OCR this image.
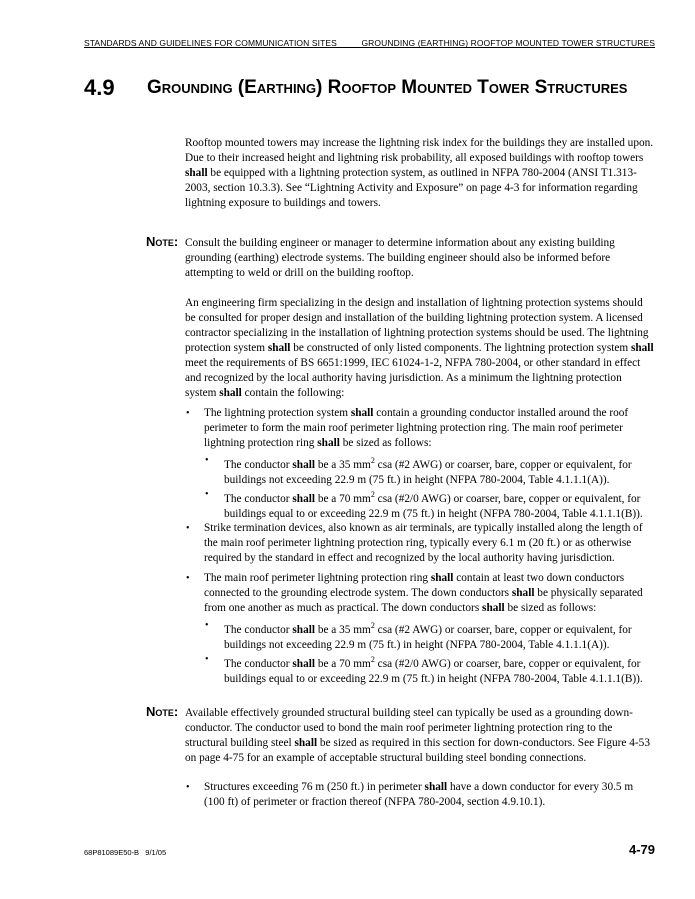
STANDARDS AND GUIDELINES FOR COMMUNICATION SITES	GROUNDING (EARTHING) ROOFTOP MOUNTED TOWER STRUCTURES
4.9 Grounding (Earthing) Rooftop Mounted Tower Structures
Rooftop mounted towers may increase the lightning risk index for the buildings they are installed upon. Due to their increased height and lightning risk probability, all exposed buildings with rooftop towers shall be equipped with a lightning protection system, as outlined in NFPA 780-2004 (ANSI T1.313-2003, section 10.3.3). See “Lightning Activity and Exposure” on page 4-3 for information regarding lightning exposure to buildings and towers.
Note: Consult the building engineer or manager to determine information about any existing building grounding (earthing) electrode systems. The building engineer should also be informed before attempting to weld or drill on the building rooftop.
An engineering firm specializing in the design and installation of lightning protection systems should be consulted for proper design and installation of the building lightning protection system. A licensed contractor specializing in the installation of lightning protection systems should be used. The lightning protection system shall be constructed of only listed components. The lightning protection system shall meet the requirements of BS 6651:1999, IEC 61024-1-2, NFPA 780-2004, or other standard in effect and recognized by the local authority having jurisdiction. As a minimum the lightning protection system shall contain the following:
• The lightning protection system shall contain a grounding conductor installed around the roof perimeter to form the main roof perimeter lightning protection ring. The main roof perimeter lightning protection ring shall be sized as follows:
• The conductor shall be a 35 $mm^2$ csa (#2 AWG) or coarser, bare, copper or equivalent, for buildings not exceeding 22.9 m (75 ft.) in height (NFPA 780-2004, Table 4.1.1.1(A)).
• The conductor shall be a 70 $mm^2$ csa (#2/0 AWG) or coarser, bare, copper or equivalent, for buildings equal to or exceeding 22.9 m (75 ft.) in height (NFPA 780-2004, Table 4.1.1.1(B)).
• Strike termination devices, also known as air terminals, are typically installed along the length of the main roof perimeter lightning protection ring, typically every 6.1 m (20 ft.) or as otherwise required by the standard in effect and recognized by the local authority having jurisdiction.
• The main roof perimeter lightning protection ring shall contain at least two down conductors connected to the grounding electrode system. The down conductors shall be physically separated from one another as much as practical. The down conductors shall be sized as follows:
• The conductor shall be a 35 $mm^2$ csa (#2 AWG) or coarser, bare, copper or equivalent, for buildings not exceeding 22.9 m (75 ft.) in height (NFPA 780-2004, Table 4.1.1.1(A)).
• The conductor shall be a 70 $mm^2$ csa (#2/0 AWG) or coarser, bare, copper or equivalent, for buildings equal to or exceeding 22.9 m (75 ft.) in height (NFPA 780-2004, Table 4.1.1.1(B)).
Note: Available effectively grounded structural building steel can typically be used as a grounding down-conductor. The conductor used to bond the main roof perimeter lightning protection ring to the structural building steel shall be sized as required in this section for down-conductors. See Figure 4-53 on page 4-75 for an example of acceptable structural building steel bonding connections.
• Structures exceeding 76 m (250 ft.) in perimeter shall have a down conductor for every 30.5 m (100 ft) of perimeter or fraction thereof (NFPA 780-2004, section 4.9.10.1).
68P81089E50-B   9/1/05	4-79
